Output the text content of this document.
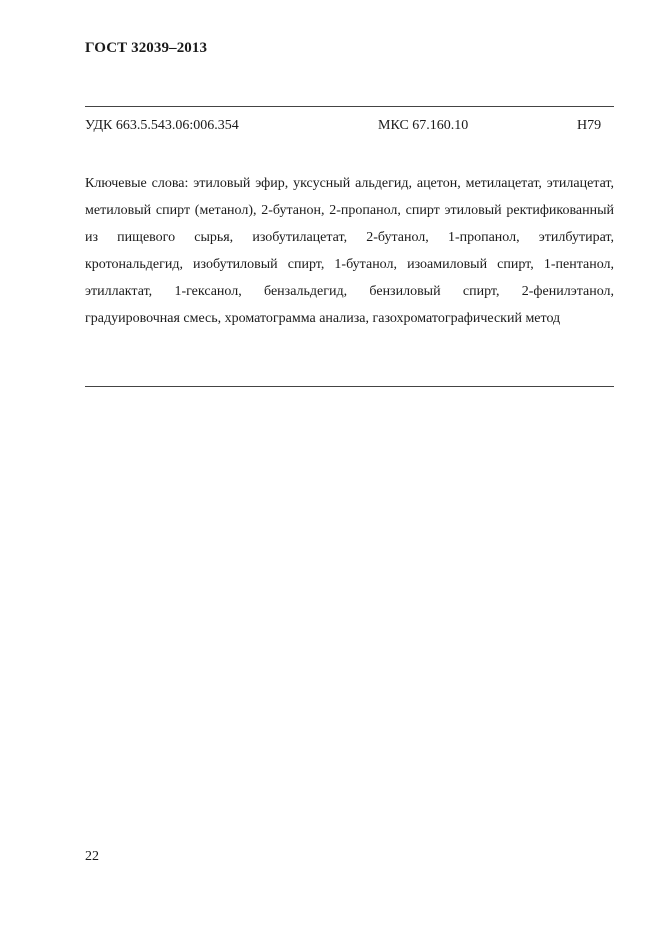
ГОСТ 32039–2013
УДК 663.5.543.06:006.354	МКС 67.160.10	Н79
Ключевые слова: этиловый эфир, уксусный альдегид, ацетон, метилацетат, этилацетат, метиловый спирт (метанол), 2-бутанон, 2-пропанол, спирт этиловый ректификованный из пищевого сырья, изобутилацетат, 2-бутанол, 1-пропанол, этилбутират, кротональдегид, изобутиловый спирт, 1-бутанол, изоамиловый спирт, 1-пентанол, этиллактат, 1-гексанол, бензальдегид, бензиловый спирт, 2-фенилэтанол, градуировочная смесь, хроматограмма анализа, газохроматографический метод
22
